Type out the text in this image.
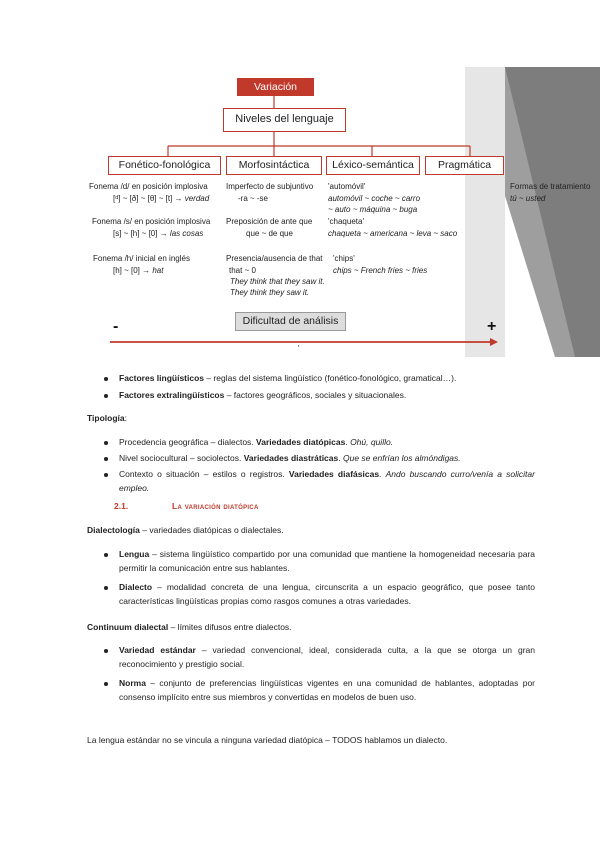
Variación
Niveles del lenguaje
Fonético-fonológica	Morfosintáctica	Léxico-semántica	Pragmática
Fonema /d/ en posición implosiva
[ᵈ] ~ [ð] ~ [θ] ~ [t] → verdad
Fonema /s/ en posición implosiva
[s] ~ [h] ~ [0] → las cosas
Fonema /h/ inicial en inglés
[h] ~ [0] → hat
Imperfecto de subjuntivo
-ra ~ -se
Preposición de ante que
que ~ de que
Presencia/ausencia de that
that ~ 0
They think that they saw it.
They think they saw it.
'automóvil'
automóvil ~ coche ~ carro
~ auto ~ máquina ~ buga
'chaqueta'
chaqueta ~ americana ~ leva ~ saco
'chips'
chips ~ French fries ~ fries
Formas de tratamiento
tú ~ usted
Dificultad de análisis
-	+
'
Factores lingüísticos – reglas del sistema lingüístico (fonético-fonológico, gramatical…).
Factores extralingüísticos – factores geográficos, sociales y situacionales.
Tipología:
Procedencia geográfica – dialectos. Variedades diatópicas. Ohú, quillo.
Nivel sociocultural – sociolectos. Variedades diastráticas. Que se enfrían los almóndigas.
Contexto o situación – estilos o registros. Variedades diafásicas. Ando buscando curro/venía a solicitar empleo.
2.1.	La variación diatópica
Dialectología – variedades diatópicas o dialectales.
Lengua – sistema lingüístico compartido por una comunidad que mantiene la homogeneidad necesaria para permitir la comunicación entre sus hablantes.
Dialecto – modalidad concreta de una lengua, circunscrita a un espacio geográfico, que posee tanto características lingüísticas propias como rasgos comunes a otras variedades.
Continuum dialectal – límites difusos entre dialectos.
Variedad estándar – variedad convencional, ideal, considerada culta, a la que se otorga un gran reconocimiento y prestigio social.
Norma – conjunto de preferencias lingüísticas vigentes en una comunidad de hablantes, adoptadas por consenso implícito entre sus miembros y convertidas en modelos de buen uso.
La lengua estándar no se vincula a ninguna variedad diatópica – TODOS hablamos un dialecto.
